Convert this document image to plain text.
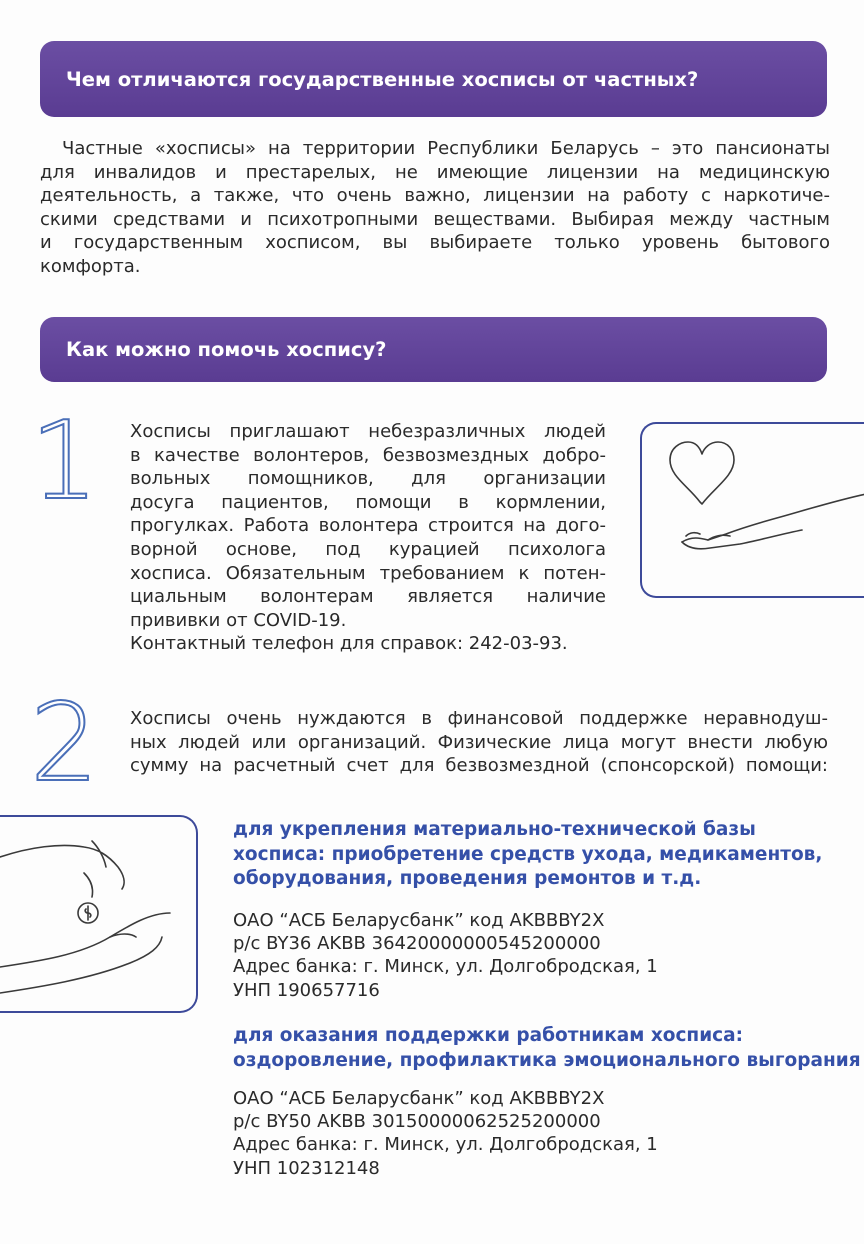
Чем отличаются государственные хосписы от частных?
Частные «хосписы» на территории Республики Беларусь – это пансионаты
для инвалидов и престарелых, не имеющие лицензии на медицинскую
деятельность, а также, что очень важно, лицензии на работу с наркотиче-
скими средствами и психотропными веществами. Выбирая между частным
и государственным хосписом, вы выбираете только уровень бытового
комфорта.
Как можно помочь хоспису?
1 Хосписы приглашают небезразличных людей
в качестве волонтеров, безвозмездных добро-
вольных помощников, для организации
досуга пациентов, помощи в кормлении,
прогулках. Работа волонтера строится на дого-
ворной основе, под курацией психолога
хосписа. Обязательным требованием к потен-
циальным волонтерам является наличие
прививки от COVID-19.
Контактный телефон для справок: 242-03-93.
2 Хосписы очень нуждаются в финансовой поддержке неравнодуш-
ных людей или организаций. Физические лица могут внести любую
сумму на расчетный счет для безвозмездной (спонсорской) помощи:
для укрепления материально-технической базы
хосписа: приобретение средств ухода, медикаментов,
оборудования, проведения ремонтов и т.д.
ОАО “АСБ Беларусбанк” код AKBBBY2X
р/с BY36 AKBB 36420000000545200000
Адрес банка: г. Минск, ул. Долгобродская, 1
УНП 190657716
для оказания поддержки работникам хосписа:
оздоровление, профилактика эмоционального выгорания
ОАО “АСБ Беларусбанк” код AKBBBY2X
р/с BY50 AKBB 30150000062525200000
Адрес банка: г. Минск, ул. Долгобродская, 1
УНП 102312148
